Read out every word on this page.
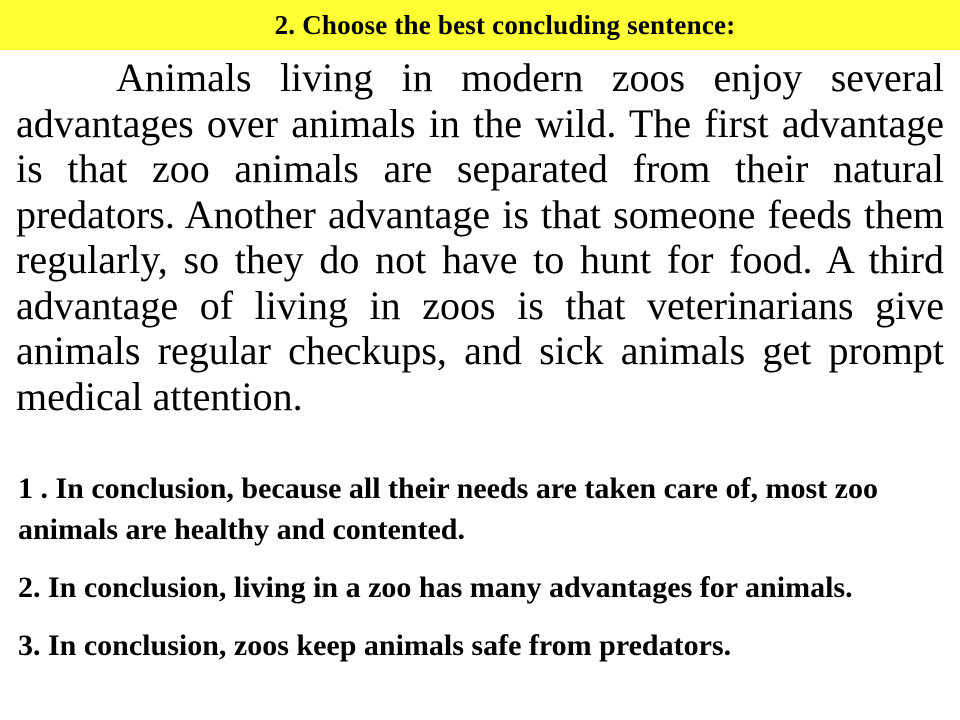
2. Choose the best concluding sentence:

Animals living in modern zoos enjoy several advantages over animals in the wild. The first advantage is that zoo animals are separated from their natural predators. Another advantage is that someone feeds them regularly, so they do not have to hunt for food. A third advantage of living in zoos is that veterinarians give animals regular checkups, and sick animals get prompt medical attention.

1 . In conclusion, because all their needs are taken care of, most zoo animals are healthy and contented.
2. In conclusion, living in a zoo has many advantages for animals.
3. In conclusion, zoos keep animals safe from predators.
